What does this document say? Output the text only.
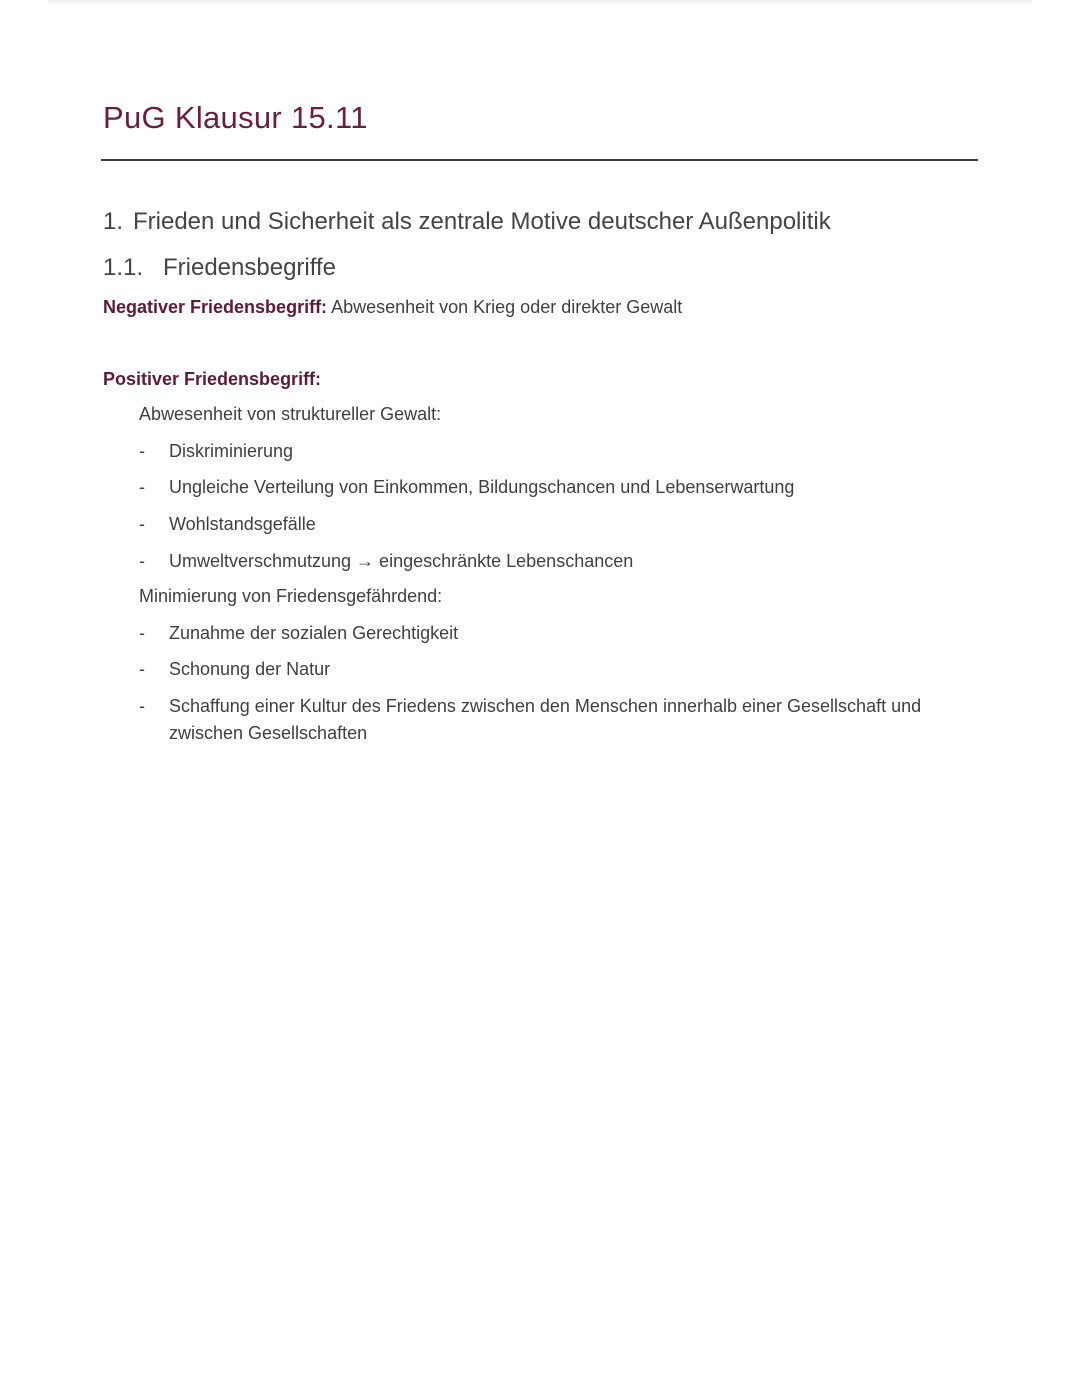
PuG Klausur 15.11
1. Frieden und Sicherheit als zentrale Motive deutscher Außenpolitik
1.1. Friedensbegriffe
Negativer Friedensbegriff: Abwesenheit von Krieg oder direkter Gewalt
Positiver Friedensbegriff:
Abwesenheit von struktureller Gewalt:
- Diskriminierung
- Ungleiche Verteilung von Einkommen, Bildungschancen und Lebenserwartung
- Wohlstandsgefälle
- Umweltverschmutzung → eingeschränkte Lebenschancen
Minimierung von Friedensgefährdend:
- Zunahme der sozialen Gerechtigkeit
- Schonung der Natur
- Schaffung einer Kultur des Friedens zwischen den Menschen innerhalb einer Gesellschaft und zwischen Gesellschaften
